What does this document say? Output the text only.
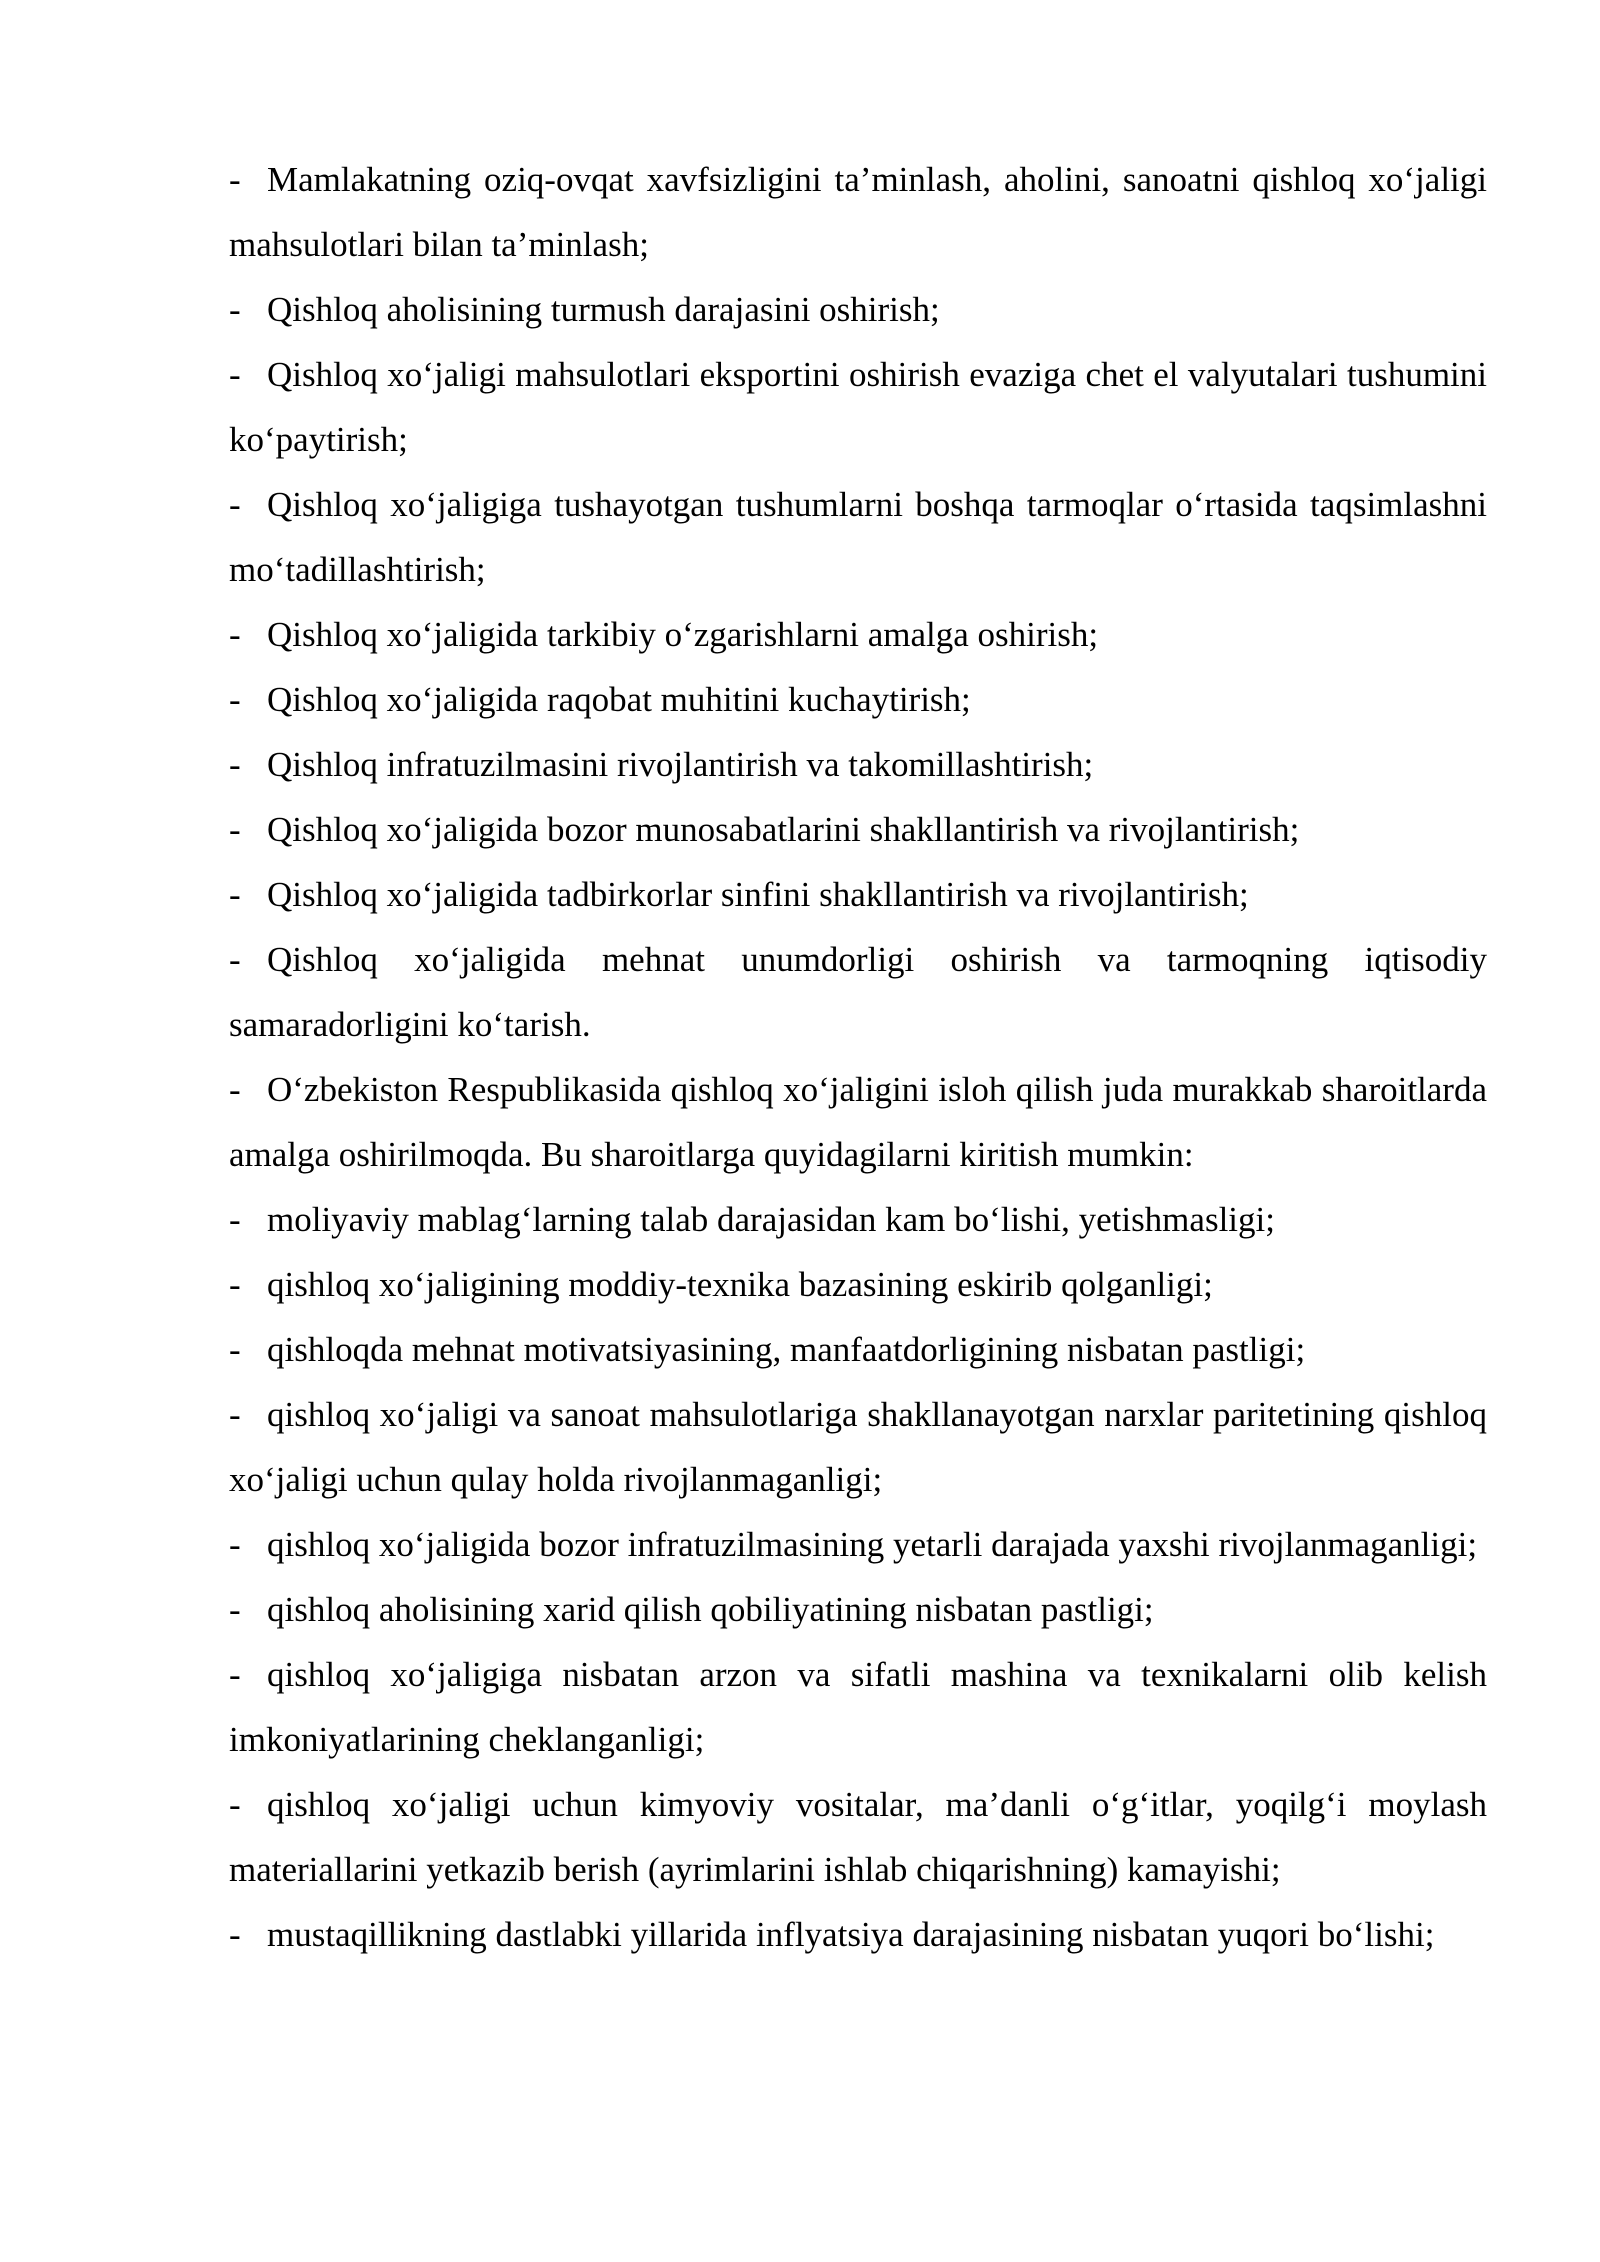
- Mamlakatning oziq-ovqat xavfsizligini ta’minlash, aholini, sanoatni qishloq xo‘jaligi mahsulotlari bilan ta’minlash;

- Qishloq aholisining turmush darajasini oshirish;

- Qishloq xo‘jaligi mahsulotlari eksportini oshirish evaziga chet el valyutalari tushumini ko‘paytirish;

- Qishloq xo‘jaligiga tushayotgan tushumlarni boshqa tarmoqlar o‘rtasida taqsimlashni mo‘tadillashtirish;

- Qishloq xo‘jaligida tarkibiy o‘zgarishlarni amalga oshirish;

- Qishloq xo‘jaligida raqobat muhitini kuchaytirish;

- Qishloq infratuzilmasini rivojlantirish va takomillashtirish;

- Qishloq xo‘jaligida bozor munosabatlarini shakllantirish va rivojlantirish;

- Qishloq xo‘jaligida tadbirkorlar sinfini shakllantirish va rivojlantirish;

- Qishloq xo‘jaligida mehnat unumdorligi oshirish va tarmoqning iqtisodiy samaradorligini ko‘tarish.

- O‘zbekiston Respublikasida qishloq xo‘jaligini isloh qilish juda murakkab sharoitlarda amalga oshirilmoqda. Bu sharoitlarga quyidagilarni kiritish mumkin:

- moliyaviy mablag‘larning talab darajasidan kam bo‘lishi, yetishmasligi;

- qishloq xo‘jaligining moddiy-texnika bazasining eskirib qolganligi;

- qishloqda mehnat motivatsiyasining, manfaatdorligining nisbatan pastligi;

- qishloq xo‘jaligi va sanoat mahsulotlariga shakllanayotgan narxlar paritetining qishloq xo‘jaligi uchun qulay holda rivojlanmaganligi;

- qishloq xo‘jaligida bozor infratuzilmasining yetarli darajada yaxshi rivojlanmaganligi;

- qishloq aholisining xarid qilish qobiliyatining nisbatan pastligi;

- qishloq xo‘jaligiga nisbatan arzon va sifatli mashina va texnikalarni olib kelish imkoniyatlarining cheklanganligi;

- qishloq xo‘jaligi uchun kimyoviy vositalar, ma’danli o‘g‘itlar, yoqilg‘i moylash materiallarini yetkazib berish (ayrimlarini ishlab chiqarishning) kamayishi;

- mustaqillikning dastlabki yillarida inflyatsiya darajasining nisbatan yuqori bo‘lishi;
